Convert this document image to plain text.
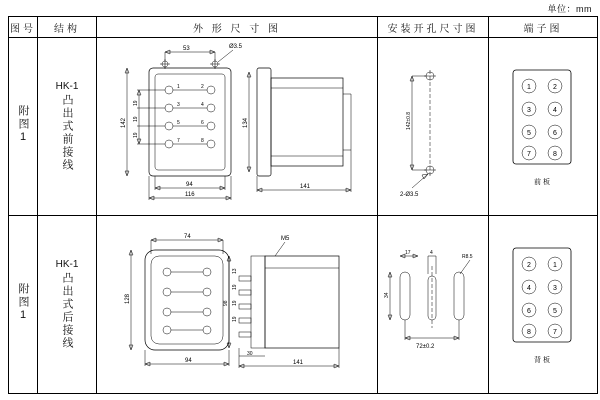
单位：mm
图号	结构	外 形 尺 寸 图	安装开孔尺寸图	端子图
附图1	
HK-1
凸出式前接线

53	Ø3.5
1	2
3	4
5	6
7	8
142
19
19
19
94
116
134
141

142±0.8
2-Ø3.5

1	2
3	4
5	6
7	8
前 板

附图1	
HK-1
凸出式后接线

74
128
94
M5
98
13
19
19
19
141
30

17	4
R8.5
34
72±0.2

2	1
4	3
6	5
8	7
背 板
